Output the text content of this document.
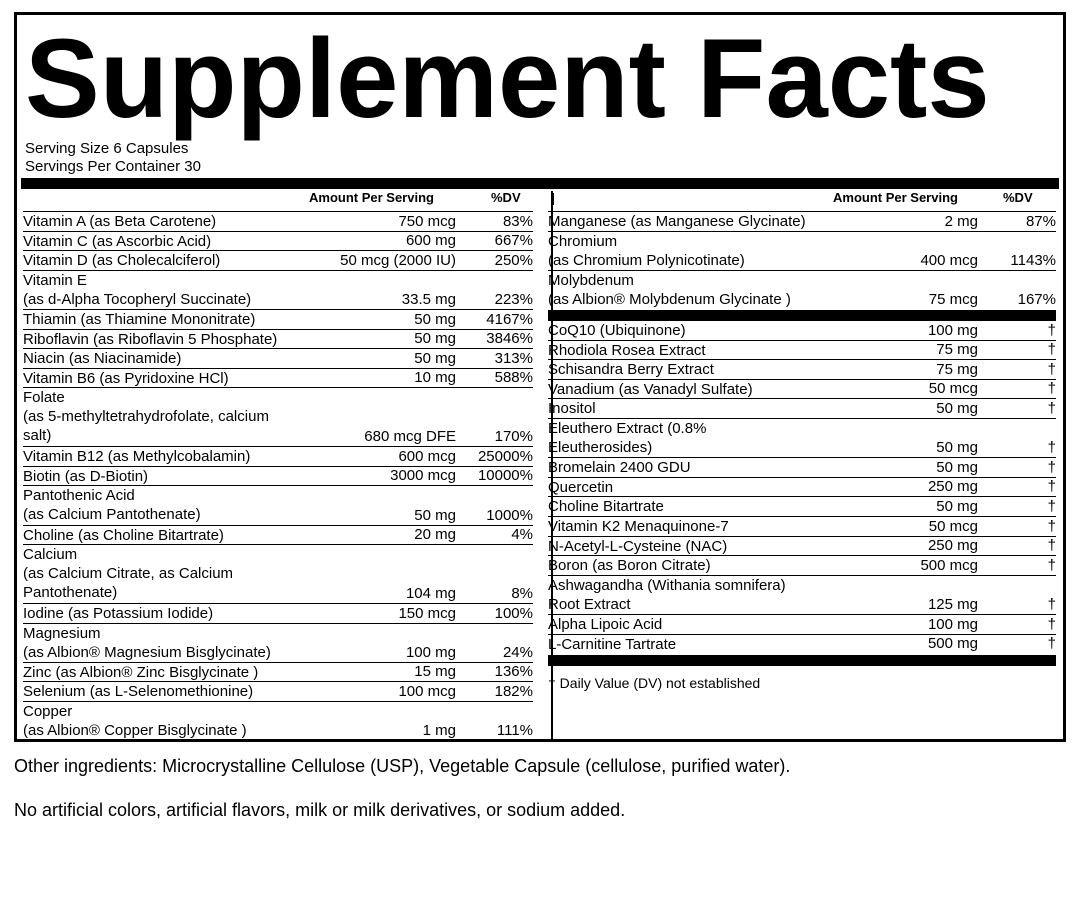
Supplement Facts
Serving Size 6 Capsules
Servings Per Container 30
Amount Per Serving	%DV	Amount Per Serving	%DV
Vitamin A (as Beta Carotene)	750 mcg	83%
Vitamin C (as Ascorbic Acid)	600 mg	667%
Vitamin D (as Cholecalciferol)	50 mcg (2000 IU)	250%
Vitamin E
(as d-Alpha Tocopheryl Succinate)	33.5 mg	223%
Thiamin (as Thiamine Mononitrate)	50 mg 4167%
Riboflavin (as Riboflavin 5 Phosphate)	50 mg 3846%
Niacin (as Niacinamide)	50 mg	313%
Vitamin B6 (as Pyridoxine HCl)	10 mg	588%
Folate
(as 5-methyltetrahydrofolate, calcium
salt)	680 mcg DFE	170%
Vitamin B12 (as Methylcobalamin)	600 mcg 25000%
Biotin (as D-Biotin)	3000 mcg 10000%
Pantothenic Acid
(as Calcium Pantothenate)	50 mg 1000%
Choline (as Choline Bitartrate)	20 mg	4%
Calcium
(as Calcium Citrate, as Calcium
Pantothenate)	104 mg	8%
Iodine (as Potassium Iodide)	150 mcg	100%
Magnesium
(as Albion® Magnesium Bisglycinate)	100 mg	24%
Zinc (as Albion® Zinc Bisglycinate )	15 mg	136%
Selenium (as L-Selenomethionine)	100 mcg	182%
Copper
(as Albion® Copper Bisglycinate )	1 mg	111%
Manganese (as Manganese Glycinate)	2 mg	87%
Chromium
(as Chromium Polynicotinate)	400 mcg 1143%
Molybdenum
(as Albion® Molybdenum Glycinate )	75 mcg	167%
CoQ10 (Ubiquinone)	100 mg	†
Rhodiola Rosea Extract	75 mg	†
Schisandra Berry Extract	75 mg	†
Vanadium (as Vanadyl Sulfate)	50 mcg	†
Inositol	50 mg	†
Eleuthero Extract (0.8%
Eleutherosides)	50 mg	†
Bromelain 2400 GDU	50 mg	†
Quercetin	250 mg	†
Choline Bitartrate	50 mg	†
Vitamin K2 Menaquinone-7	50 mcg	†
N-Acetyl-L-Cysteine (NAC)	250 mg	†
Boron (as Boron Citrate)	500 mcg	†
Ashwagandha (Withania somnifera)
Root Extract	125 mg	†
Alpha Lipoic Acid	100 mg	†
L-Carnitine Tartrate	500 mg	†
† Daily Value (DV) not established
Other ingredients: Microcrystalline Cellulose (USP), Vegetable Capsule (cellulose, purified water).
No artificial colors, artificial flavors, milk or milk derivatives, or sodium added.
